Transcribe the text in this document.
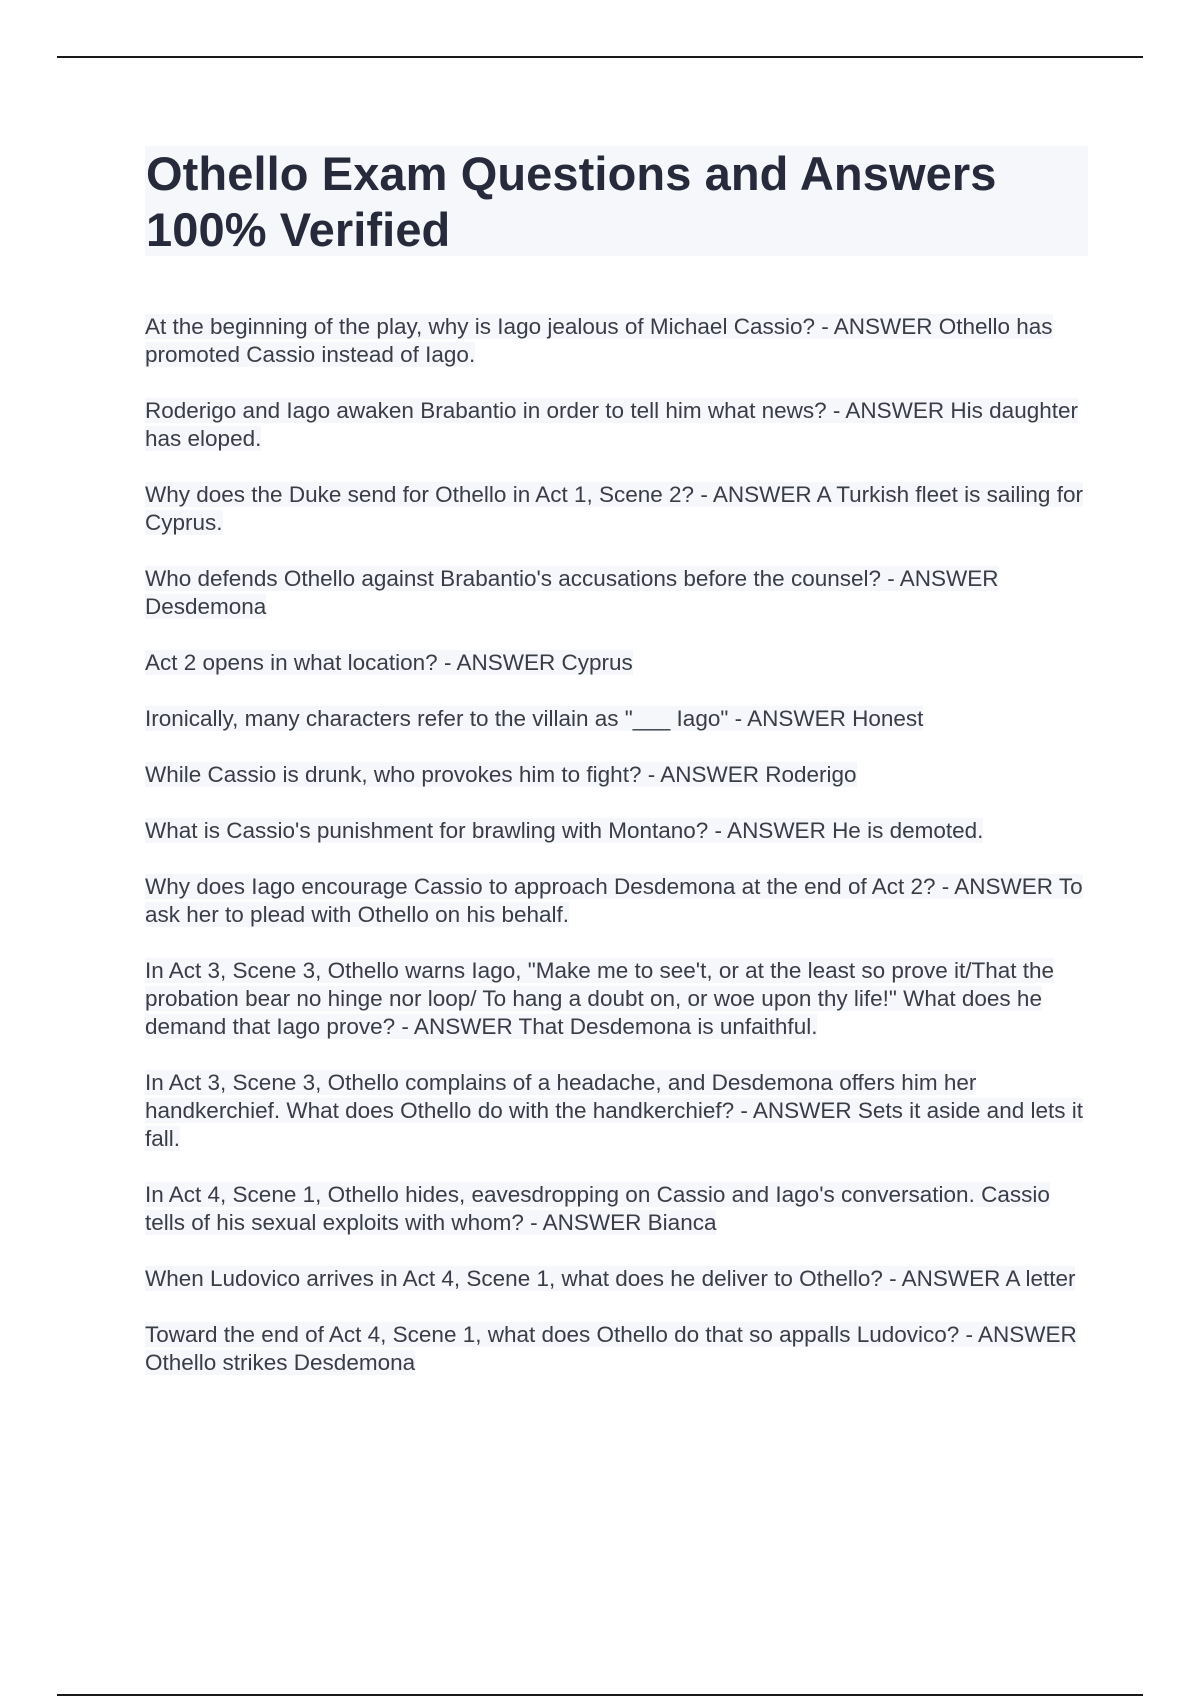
Othello Exam Questions and Answers 100% Verified

At the beginning of the play, why is Iago jealous of Michael Cassio? - ANSWER Othello has promoted Cassio instead of Iago.

Roderigo and Iago awaken Brabantio in order to tell him what news? - ANSWER His daughter has eloped.

Why does the Duke send for Othello in Act 1, Scene 2? - ANSWER A Turkish fleet is sailing for Cyprus.

Who defends Othello against Brabantio's accusations before the counsel? - ANSWER Desdemona

Act 2 opens in what location? - ANSWER Cyprus

Ironically, many characters refer to the villain as "___ Iago" - ANSWER Honest

While Cassio is drunk, who provokes him to fight? - ANSWER Roderigo

What is Cassio's punishment for brawling with Montano? - ANSWER He is demoted.

Why does Iago encourage Cassio to approach Desdemona at the end of Act 2? - ANSWER To ask her to plead with Othello on his behalf.

In Act 3, Scene 3, Othello warns Iago, "Make me to see't, or at the least so prove it/That the probation bear no hinge nor loop/ To hang a doubt on, or woe upon thy life!" What does he demand that Iago prove? - ANSWER That Desdemona is unfaithful.

In Act 3, Scene 3, Othello complains of a headache, and Desdemona offers him her handkerchief. What does Othello do with the handkerchief? - ANSWER Sets it aside and lets it fall.

In Act 4, Scene 1, Othello hides, eavesdropping on Cassio and Iago's conversation. Cassio tells of his sexual exploits with whom? - ANSWER Bianca

When Ludovico arrives in Act 4, Scene 1, what does he deliver to Othello? - ANSWER A letter

Toward the end of Act 4, Scene 1, what does Othello do that so appalls Ludovico? - ANSWER Othello strikes Desdemona
